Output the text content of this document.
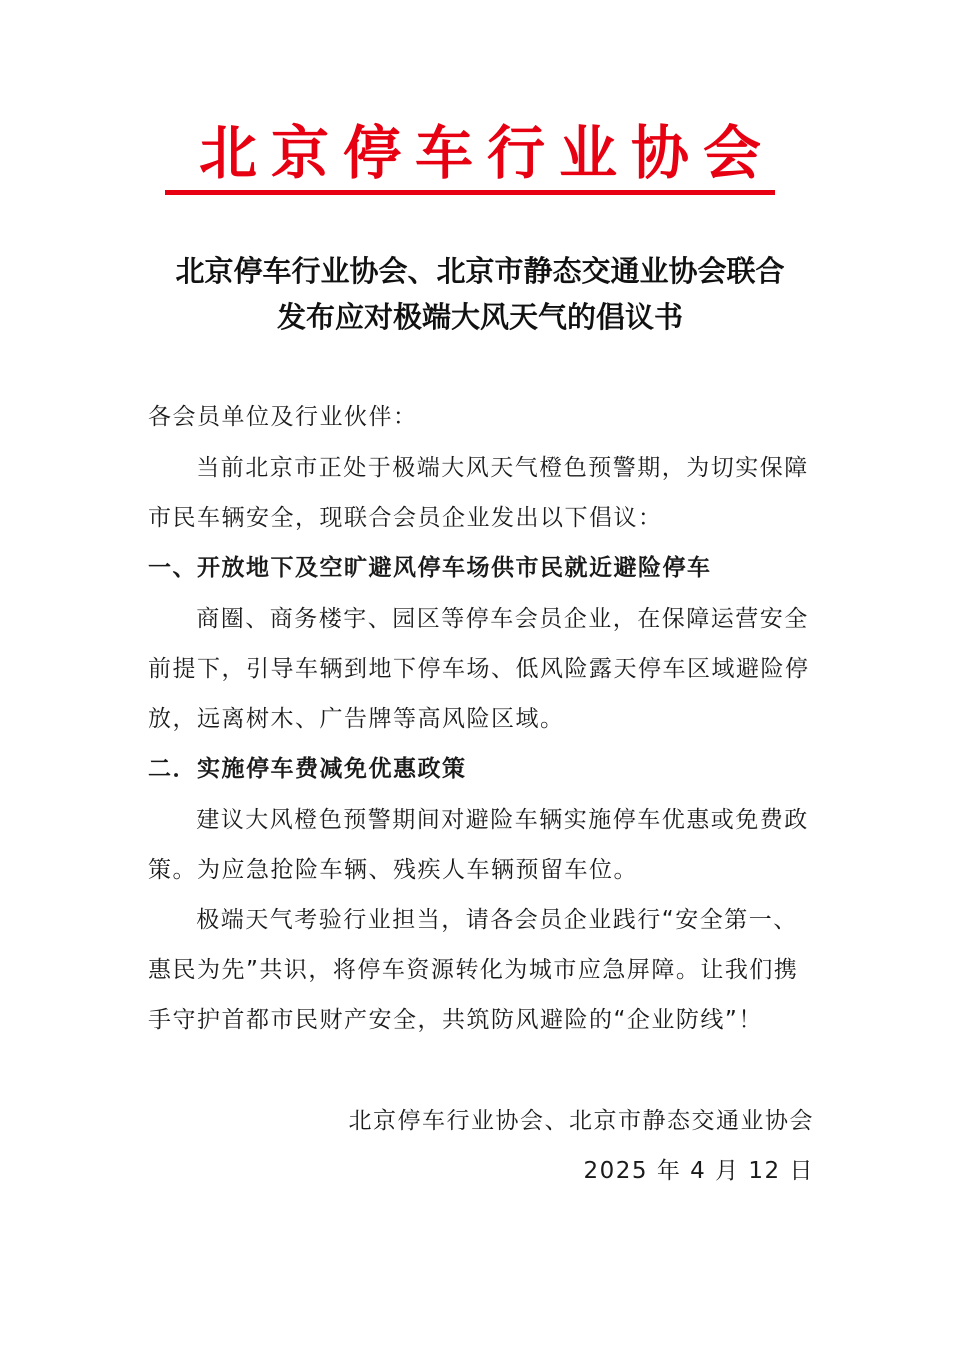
北京停车行业协会
北京停车行业协会、北京市静态交通业协会联合
发布应对极端大风天气的倡议书
各会员单位及行业伙伴：
当前北京市正处于极端大风天气橙色预警期，为切实保障市民车辆安全，现联合会员企业发出以下倡议：
一、开放地下及空旷避风停车场供市民就近避险停车
商圈、商务楼宇、园区等停车会员企业，在保障运营安全前提下，引导车辆到地下停车场、低风险露天停车区域避险停放，远离树木、广告牌等高风险区域。
二．实施停车费减免优惠政策
建议大风橙色预警期间对避险车辆实施停车优惠或免费政策。为应急抢险车辆、残疾人车辆预留车位。
极端天气考验行业担当，请各会员企业践行“安全第一、惠民为先”共识，将停车资源转化为城市应急屏障。让我们携手守护首都市民财产安全，共筑防风避险的“企业防线”！
北京停车行业协会、北京市静态交通业协会
2025 年 4 月 12 日
